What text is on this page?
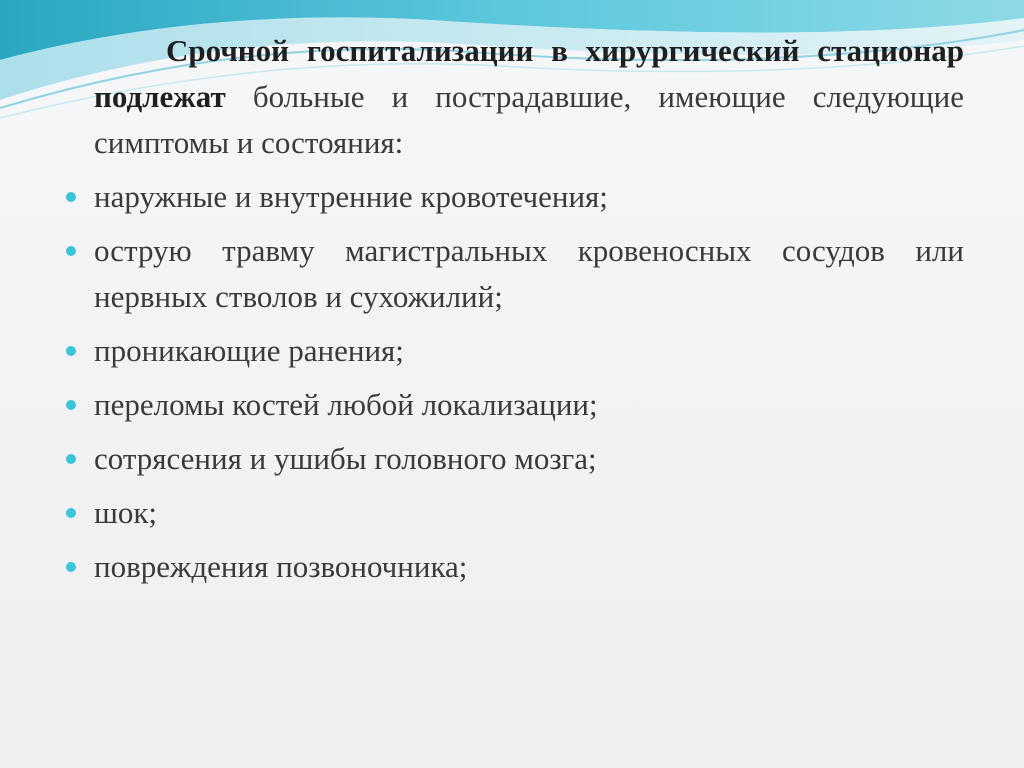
Срочной госпитализации в хирургический стационар подлежат больные и пострадавшие, имеющие следующие симптомы и состояния:

наружные и внутренние кровотечения;
острую травму магистральных кровеносных сосудов или нервных стволов и сухожилий;
проникающие ранения;
переломы костей любой локализации;
сотрясения и ушибы головного мозга;
шок;
повреждения позвоночника;
